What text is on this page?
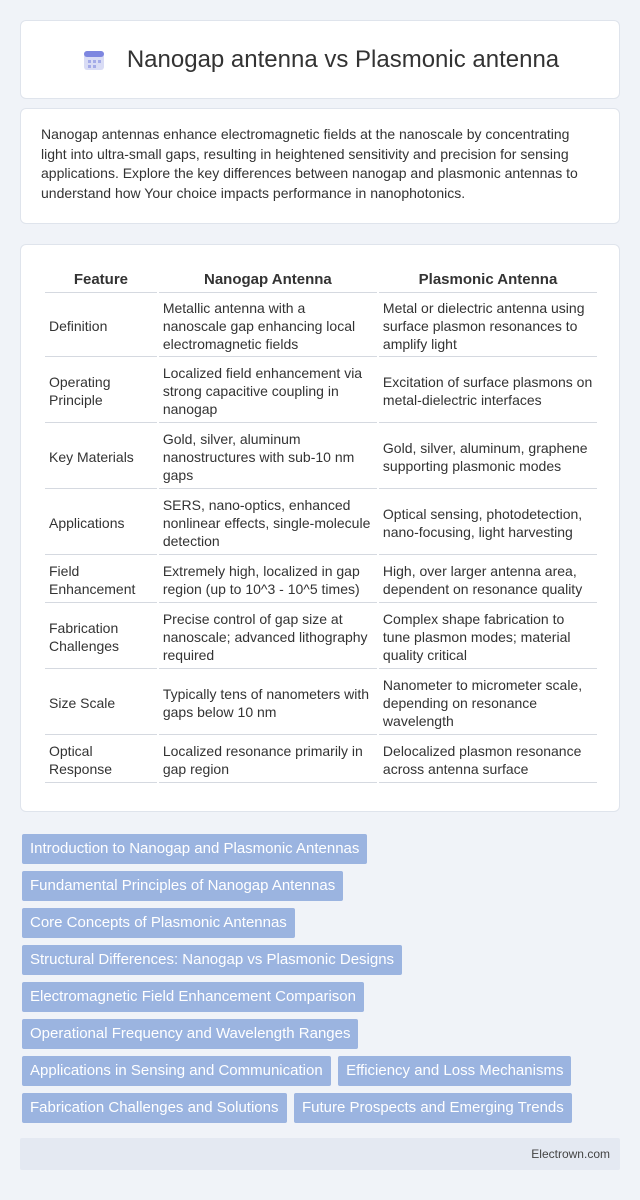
Nanogap antenna vs Plasmonic antenna

Nanogap antennas enhance electromagnetic fields at the nanoscale by concentrating light into ultra-small gaps, resulting in heightened sensitivity and precision for sensing applications. Explore the key differences between nanogap and plasmonic antennas to understand how Your choice impacts performance in nanophotonics.

Feature	Nanogap Antenna	Plasmonic Antenna
Definition	Metallic antenna with a nanoscale gap enhancing local electromagnetic fields	Metal or dielectric antenna using surface plasmon resonances to amplify light
Operating Principle	Localized field enhancement via strong capacitive coupling in nanogap	Excitation of surface plasmons on metal-dielectric interfaces
Key Materials	Gold, silver, aluminum nanostructures with sub-10 nm gaps	Gold, silver, aluminum, graphene supporting plasmonic modes
Applications	SERS, nano-optics, enhanced nonlinear effects, single-molecule detection	Optical sensing, photodetection, nano-focusing, light harvesting
Field Enhancement	Extremely high, localized in gap region (up to 10^3 - 10^5 times)	High, over larger antenna area, dependent on resonance quality
Fabrication Challenges	Precise control of gap size at nanoscale; advanced lithography required	Complex shape fabrication to tune plasmon modes; material quality critical
Size Scale	Typically tens of nanometers with gaps below 10 nm	Nanometer to micrometer scale, depending on resonance wavelength
Optical Response	Localized resonance primarily in gap region	Delocalized plasmon resonance across antenna surface
Introduction to Nanogap and Plasmonic Antennas
Fundamental Principles of Nanogap Antennas
Core Concepts of Plasmonic Antennas
Structural Differences: Nanogap vs Plasmonic Designs
Electromagnetic Field Enhancement Comparison
Operational Frequency and Wavelength Ranges
Applications in Sensing and Communication Efficiency and Loss Mechanisms
Fabrication Challenges and Solutions Future Prospects and Emerging Trends
Electrown.com
